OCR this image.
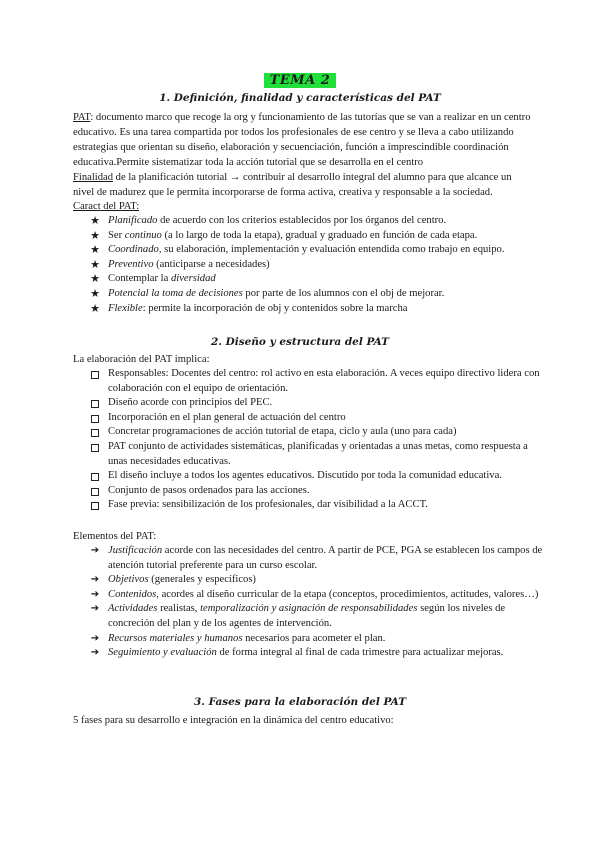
TEMA 2
1. Definición, finalidad y características del PAT
PAT: documento marco que recoge la org y funcionamiento de las tutorías que se van a realizar en un centro educativo. Es una tarea compartida por todos los profesionales de ese centro y se lleva a cabo utilizando estrategias que orientan su diseño, elaboración y secuenciación, función a imprescindible coordinación educativa.Permite sistematizar toda la acción tutorial que se desarrolla en el centro
Finalidad de la planificación tutorial → contribuir al desarrollo integral del alumno para que alcance un nivel de madurez que le permita incorporarse de forma activa, creativa y responsable a la sociedad.
Caract del PAT:
★ Planificado de acuerdo con los criterios establecidos por los órganos del centro.
★ Ser continuo (a lo largo de toda la etapa), gradual y graduado en función de cada etapa.
★ Coordinado, su elaboración, implementación y evaluación entendida como trabajo en equipo.
★ Preventivo (anticiparse a necesidades)
★ Contemplar la diversidad
★ Potencial la toma de decisiones por parte de los alumnos con el obj de mejorar.
★ Flexible: permite la incorporación de obj y contenidos sobre la marcha
2. Diseño y estructura del PAT
La elaboración del PAT implica:
Responsables: Docentes del centro: rol activo en esta elaboración. A veces equipo directivo lidera con colaboración con el equipo de orientación.
Diseño acorde con principios del PEC.
Incorporación en el plan general de actuación del centro
Concretar programaciones de acción tutorial de etapa, ciclo y aula (uno para cada)
PAT conjunto de actividades sistemáticas, planificadas y orientadas a unas metas, como respuesta a unas necesidades educativas.
El diseño incluye a todos los agentes educativos. Discutido por toda la comunidad educativa.
Conjunto de pasos ordenados para las acciones.
Fase previa: sensibilización de los profesionales, dar visibilidad a la ACCT.
Elementos del PAT:
➔ Justificación acorde con las necesidades del centro. A partir de PCE, PGA se establecen los campos de atención tutorial preferente para un curso escolar.
➔ Objetivos (generales y específicos)
➔ Contenidos, acordes al diseño curricular de la etapa (conceptos, procedimientos, actitudes, valores…)
➔ Actividades realistas, temporalización y asignación de responsabilidades según los niveles de concreción del plan y de los agentes de intervención.
➔ Recursos materiales y humanos necesarios para acometer el plan.
➔ Seguimiento y evaluación de forma integral al final de cada trimestre para actualizar mejoras.
3. Fases para la elaboración del PAT
5 fases para su desarrollo e integración en la dinámica del centro educativo:
